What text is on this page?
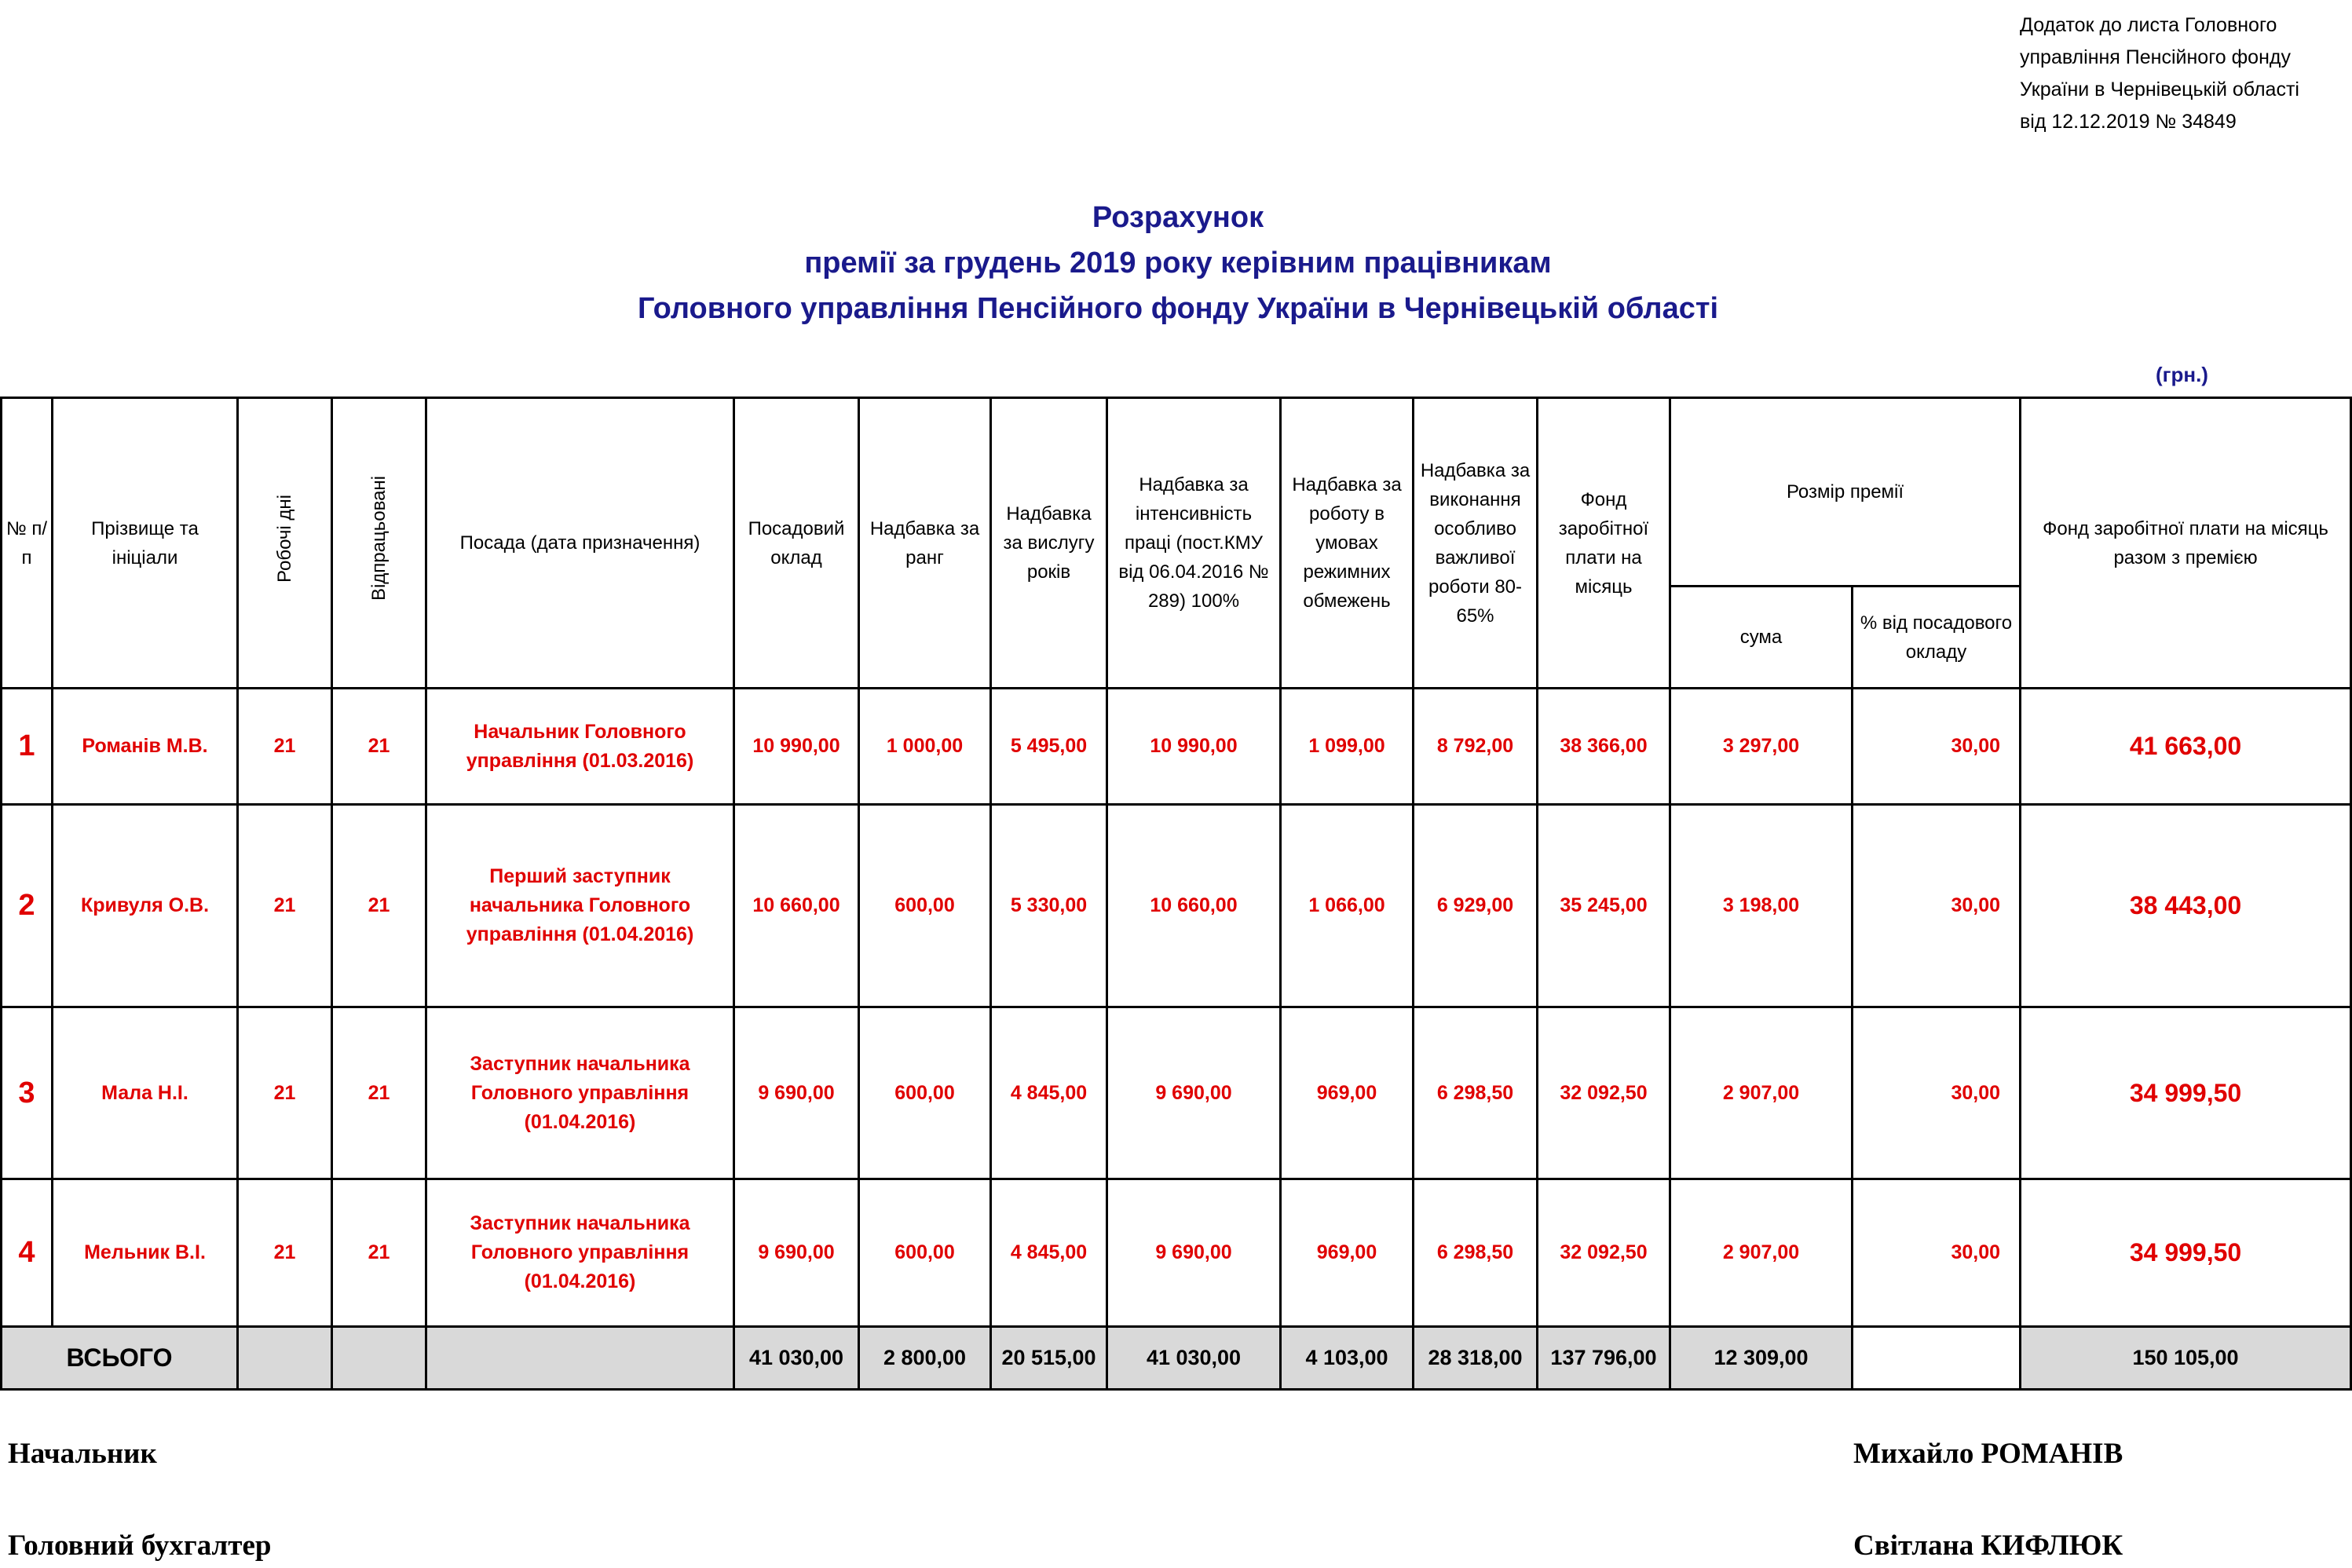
Додаток до листа Головного
управління Пенсійного фонду
України в Чернівецькій області
від 12.12.2019 № 34849
Розрахунок
премії за грудень 2019 року керівним працівникам
Головного управління Пенсійного фонду України в Чернівецькій області
(грн.)
№ п/п	Прізвище та ініціали	Робочі дні	Відпрацьовані	Посада (дата призначення)	Посадовий оклад	Надбавка за ранг	Надбавка за вислугу років	Надбавка за інтенсивність праці (пост.КМУ від 06.04.2016 № 289) 100%	Надбавка за роботу в умовах режимних обмежень	Надбавка за виконання особливо важливої роботи 80-65%	Фонд заробітної плати на місяць	Розмір премії		Фонд заробітної плати на місяць разом з премією
												сума	% від посадового окладу	
1	Романів М.В.	21	21	Начальник Головного управління (01.03.2016)	10 990,00	1 000,00	5 495,00	10 990,00	1 099,00	8 792,00	38 366,00	3 297,00	30,00	41 663,00
2	Кривуля О.В.	21	21	Перший заступник начальника Головного управління (01.04.2016)	10 660,00	600,00	5 330,00	10 660,00	1 066,00	6 929,00	35 245,00	3 198,00	30,00	38 443,00
3	Мала Н.І.	21	21	Заступник начальника Головного управління (01.04.2016)	9 690,00	600,00	4 845,00	9 690,00	969,00	6 298,50	32 092,50	2 907,00	30,00	34 999,50
4	Мельник В.І.	21	21	Заступник начальника Головного управління (01.04.2016)	9 690,00	600,00	4 845,00	9 690,00	969,00	6 298,50	32 092,50	2 907,00	30,00	34 999,50
ВСЬОГО					41 030,00	2 800,00	20 515,00	41 030,00	4 103,00	28 318,00	137 796,00	12 309,00		150 105,00
Начальник	Михайло РОМАНІВ
Головний бухгалтер	Світлана КИФЛЮК
